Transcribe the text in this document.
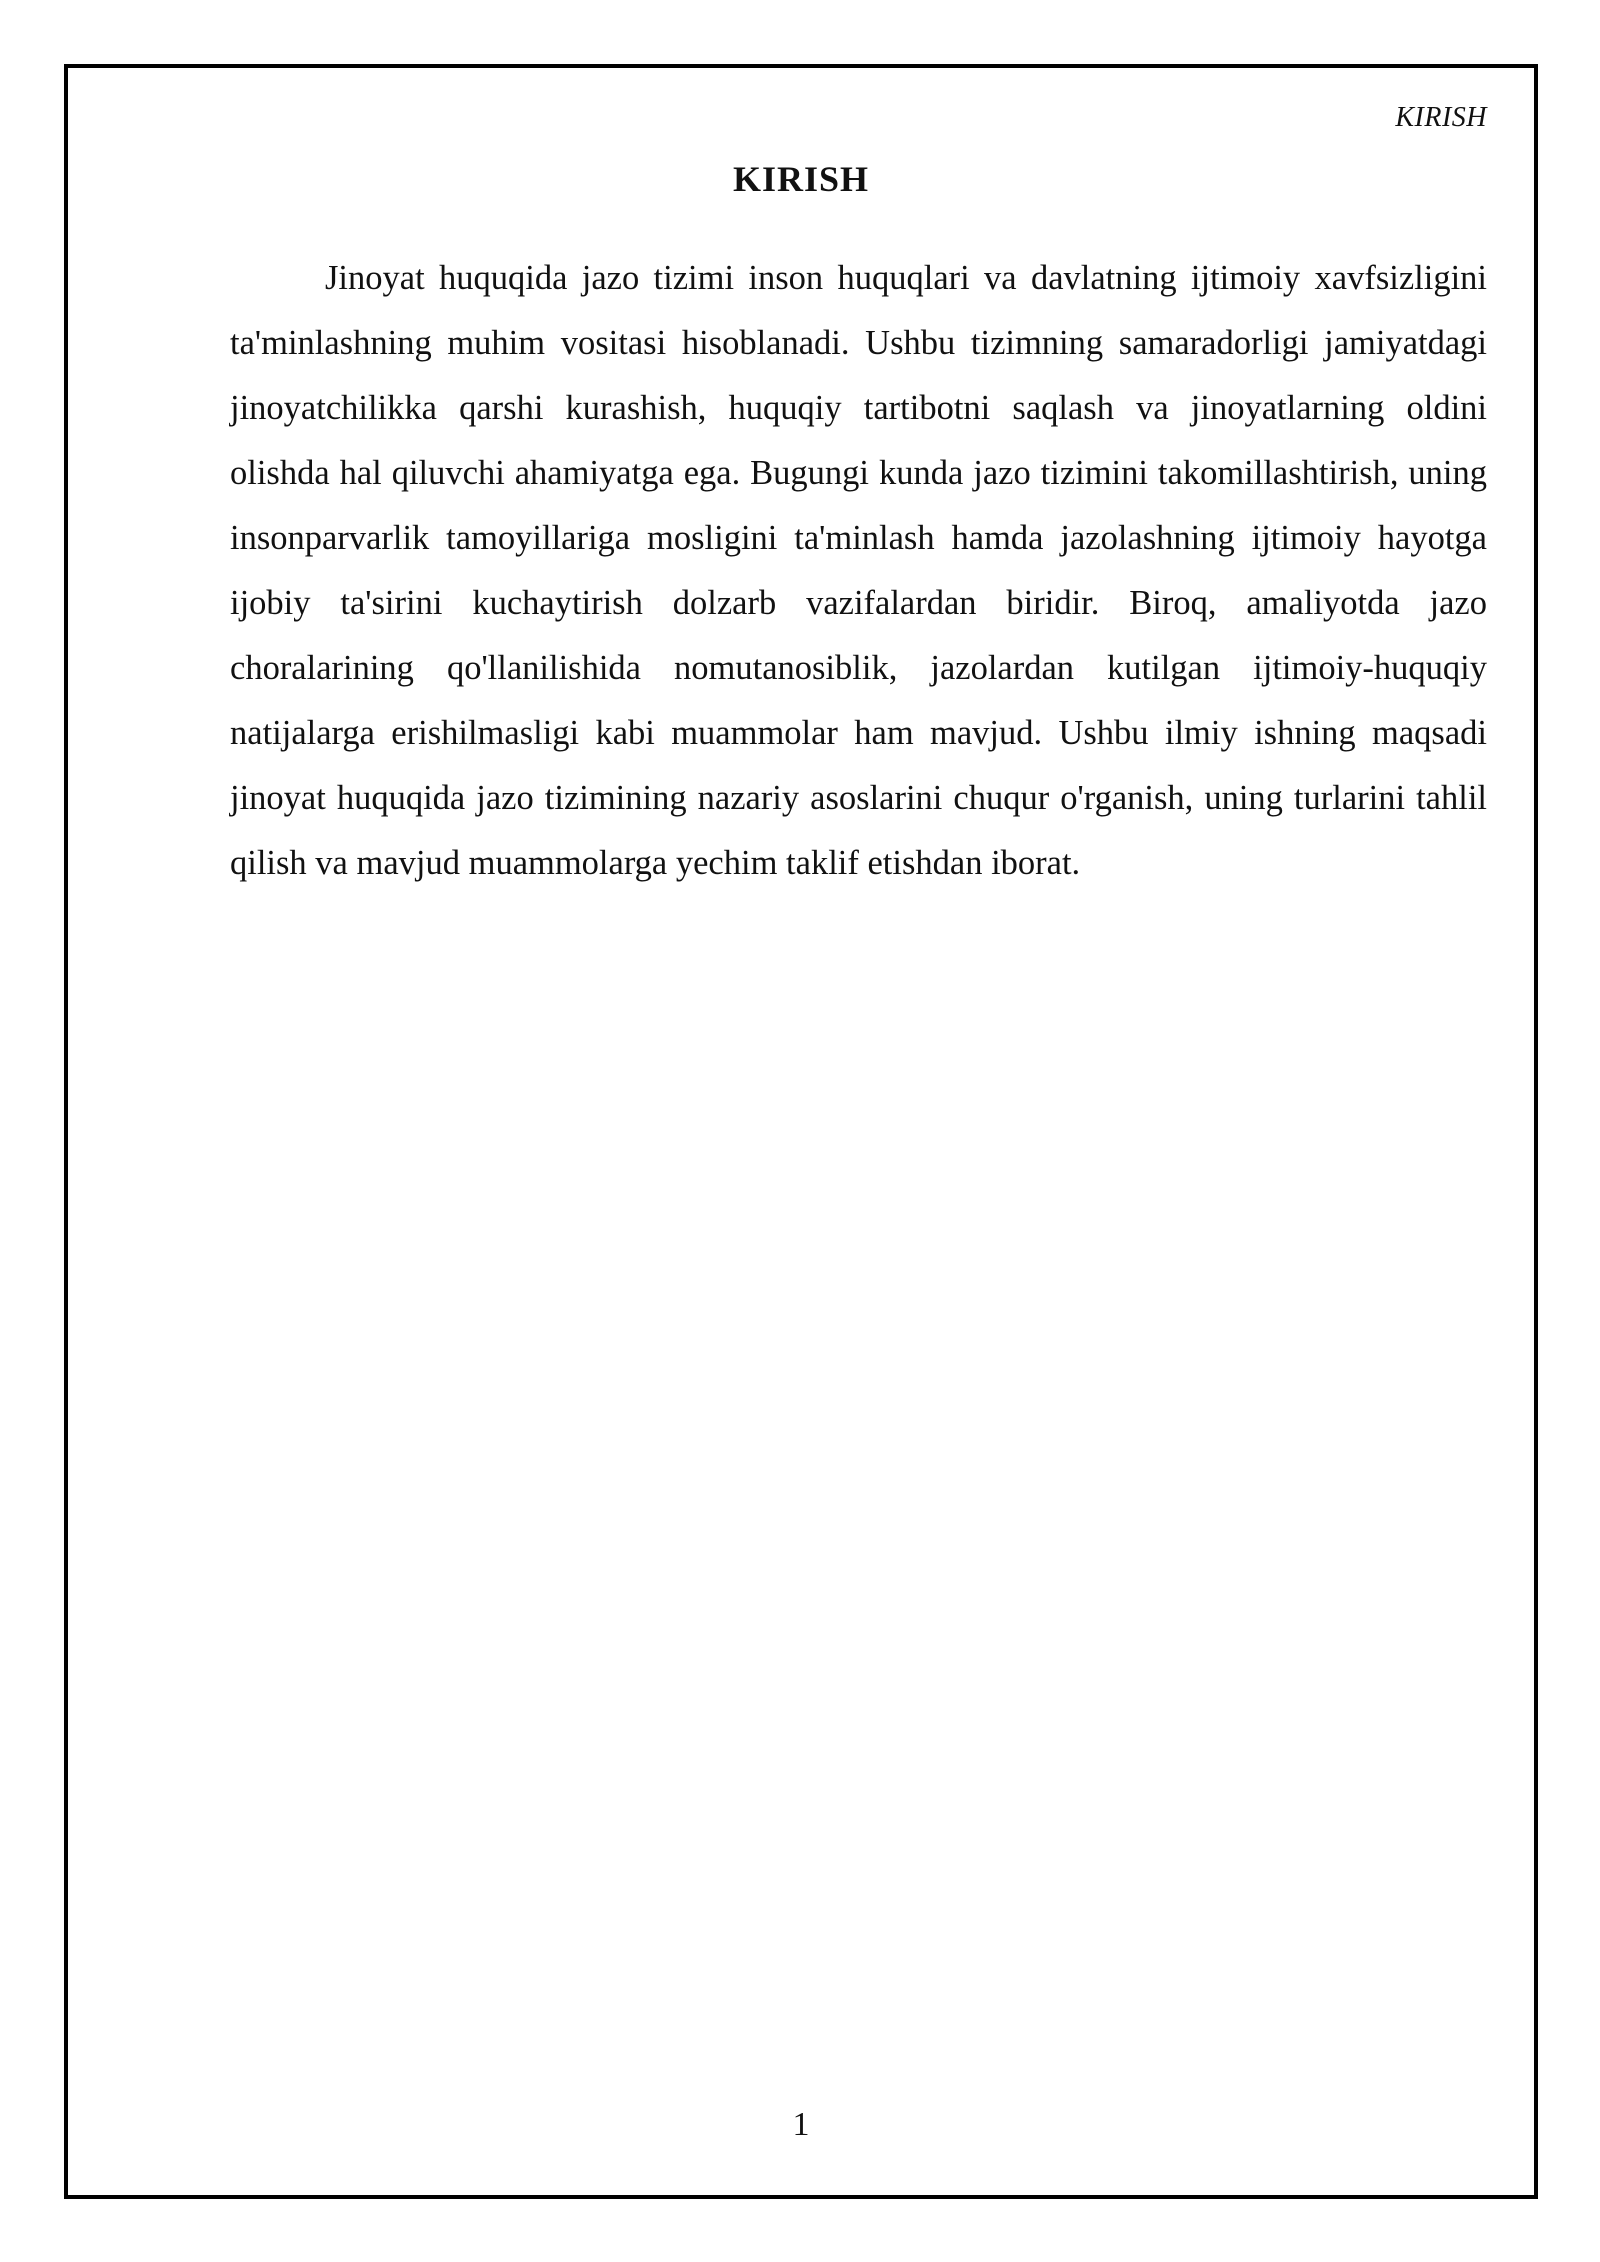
KIRISH
KIRISH

Jinoyat huquqida jazo tizimi inson huquqlari va davlatning ijtimoiy xavfsizligini ta'minlashning muhim vositasi hisoblanadi. Ushbu tizimning samaradorligi jamiyatdagi jinoyatchilikka qarshi kurashish, huquqiy tartibotni saqlash va jinoyatlarning oldini olishda hal qiluvchi ahamiyatga ega. Bugungi kunda jazo tizimini takomillashtirish, uning insonparvarlik tamoyillariga mosligini ta'minlash hamda jazolashning ijtimoiy hayotga ijobiy ta'sirini kuchaytirish dolzarb vazifalardan biridir. Biroq, amaliyotda jazo choralarining qo'llanilishida nomutanosiblik, jazolardan kutilgan ijtimoiy-huquqiy natijalarga erishilmasligi kabi muammolar ham mavjud. Ushbu ilmiy ishning maqsadi jinoyat huquqida jazo tizimining nazariy asoslarini chuqur o'rganish, uning turlarini tahlil qilish va mavjud muammolarga yechim taklif etishdan iborat.

1
